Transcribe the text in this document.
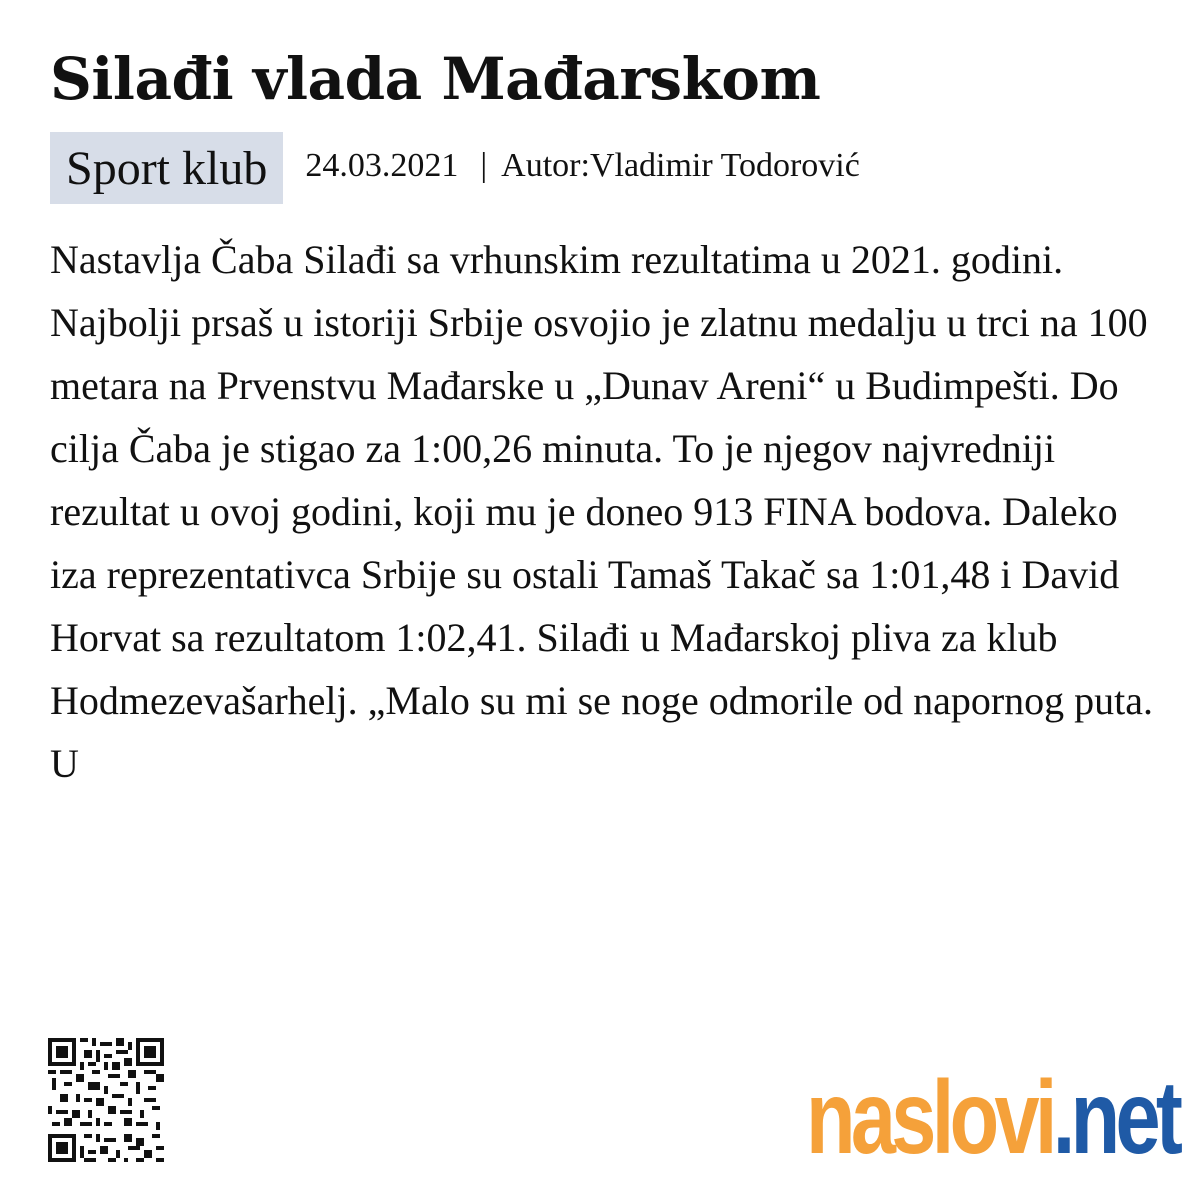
Silađi vlada Mađarskom
Sport klub	24.03.2021 | Autor:Vladimir Todorović

Nastavlja Čaba Silađi sa vrhunskim rezultatima u 2021. godini. Najbolji prsaš u istoriji Srbije osvojio je zlatnu medalju u trci na 100 metara na Prvenstvu Mađarske u „Dunav Areni“ u Budimpešti. Do cilja Čaba je stigao za 1:00,26 minuta. To je njegov najvredniji rezultat u ovoj godini, koji mu je doneo 913 FINA bodova. Daleko iza reprezentativca Srbije su ostali Tamaš Takač sa 1:01,48 i David Horvat sa rezultatom 1:02,41. Silađi u Mađarskoj pliva za klub Hodmezevašarhelj. „Malo su mi se noge odmorile od napornog puta. U

naslovi.net
